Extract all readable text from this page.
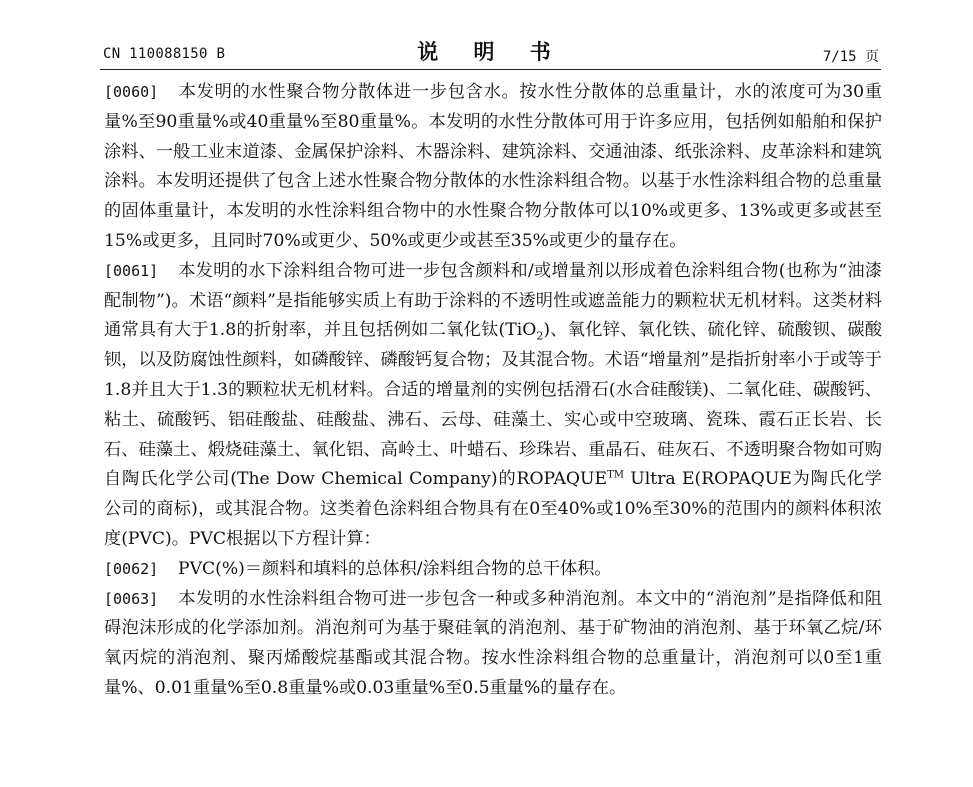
CN 110088150 B	说 明 书	7/15 页

[0060] 本发明的水性聚合物分散体进一步包含水。按水性分散体的总重量计，水的浓度可为30重量%至90重量%或40重量%至80重量%。本发明的水性分散体可用于许多应用，包括例如船舶和保护涂料、一般工业末道漆、金属保护涂料、木器涂料、建筑涂料、交通油漆、纸张涂料、皮革涂料和建筑涂料。本发明还提供了包含上述水性聚合物分散体的水性涂料组合物。以基于水性涂料组合物的总重量的固体重量计，本发明的水性涂料组合物中的水性聚合物分散体可以10%或更多、13%或更多或甚至15%或更多，且同时70%或更少、50%或更少或甚至35%或更少的量存在。

[0061] 本发明的水下涂料组合物可进一步包含颜料和/或增量剂以形成着色涂料组合物(也称为“油漆配制物”)。术语“颜料”是指能够实质上有助于涂料的不透明性或遮盖能力的颗粒状无机材料。这类材料通常具有大于1.8的折射率，并且包括例如二氧化钛(TiO$_2$)、氧化锌、氧化铁、硫化锌、硫酸钡、碳酸钡，以及防腐蚀性颜料，如磷酸锌、磷酸钙复合物；及其混合物。术语“增量剂”是指折射率小于或等于1.8并且大于1.3的颗粒状无机材料。合适的增量剂的实例包括滑石(水合硅酸镁)、二氧化硅、碳酸钙、粘土、硫酸钙、铝硅酸盐、硅酸盐、沸石、云母、硅藻土、实心或中空玻璃、瓷珠、霞石正长岩、长石、硅藻土、煅烧硅藻土、氧化铝、高岭土、叶蜡石、珍珠岩、重晶石、硅灰石、不透明聚合物如可购自陶氏化学公司(The Dow Chemical Company)的ROPAQUE™ Ultra E(ROPAQUE为陶氏化学公司的商标)，或其混合物。这类着色涂料组合物具有在0至40%或10%至30%的范围内的颜料体积浓度(PVC)。PVC根据以下方程计算：

[0062] PVC(%)＝颜料和填料的总体积/涂料组合物的总干体积。

[0063] 本发明的水性涂料组合物可进一步包含一种或多种消泡剂。本文中的“消泡剂”是指降低和阻碍泡沫形成的化学添加剂。消泡剂可为基于聚硅氧的消泡剂、基于矿物油的消泡剂、基于环氧乙烷/环氧丙烷的消泡剂、聚丙烯酸烷基酯或其混合物。按水性涂料组合物的总重量计，消泡剂可以0至1重量%、0.01重量%至0.8重量%或0.03重量%至0.5重量%的量存在。
